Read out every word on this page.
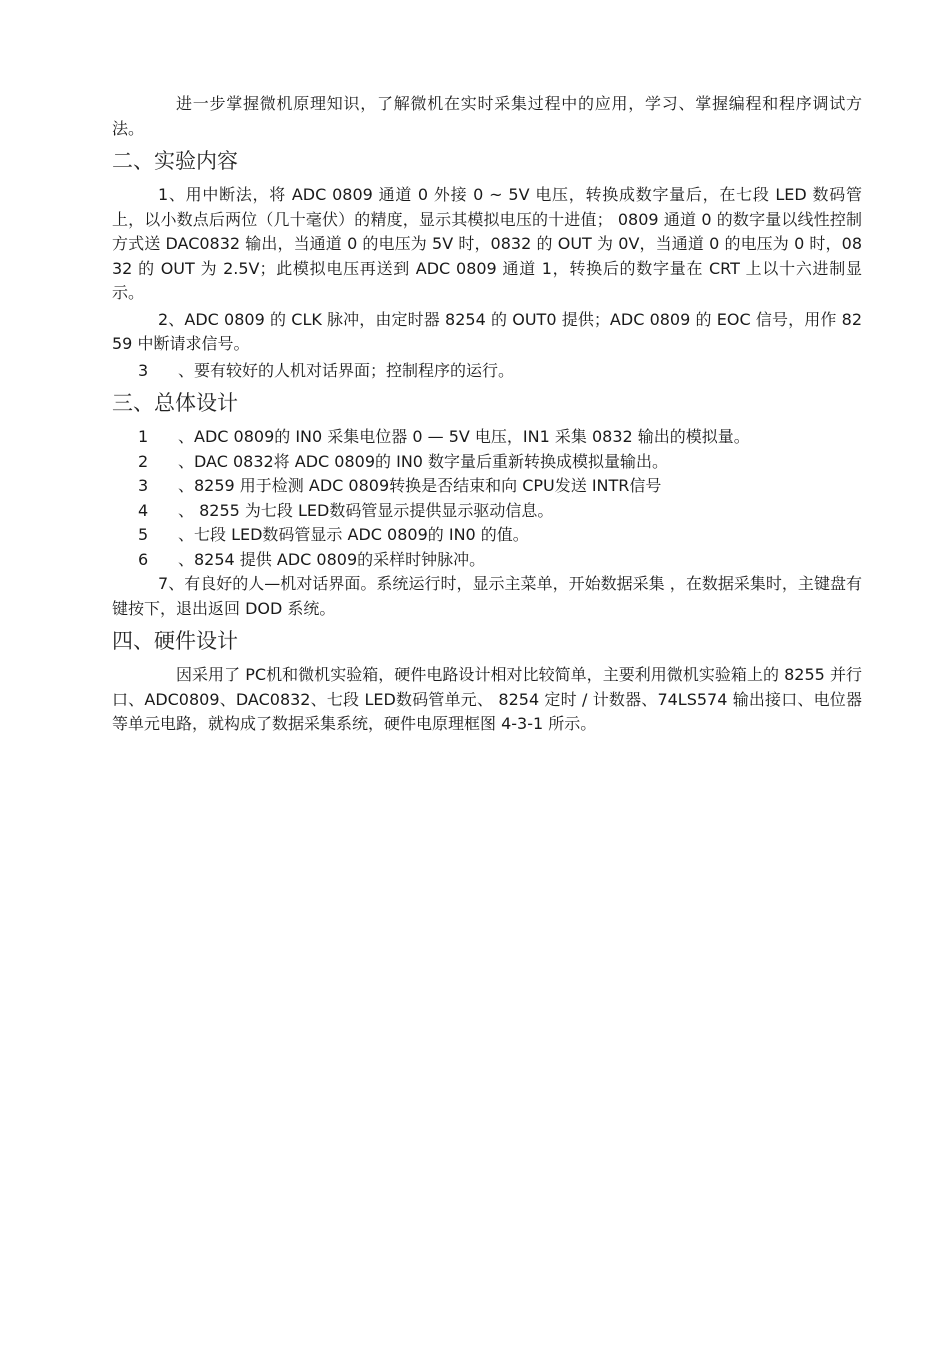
进一步掌握微机原理知识，了解微机在实时采集过程中的应用，学习、掌握编程和程序调试方法。

二、实验内容

1、用中断法，将 ADC 0809 通道 0 外接 0 ~ 5V 电压，转换成数字量后，在七段 LED 数码管上，以小数点后两位（几十毫伏）的精度，显示其模拟电压的十进值； 0809 通道 0 的数字量以线性控制方式送 DAC0832 输出，当通道 0 的电压为 5V 时，0832 的 OUT 为 0V，当通道 0 的电压为 0 时，0832 的 OUT 为 2.5V；此模拟电压再送到 ADC 0809 通道 1，转换后的数字量在 CRT 上以十六进制显示。

2、ADC 0809 的 CLK 脉冲，由定时器 8254 的 OUT0 提供；ADC 0809 的 EOC 信号，用作 8259 中断请求信号。

3 、要有较好的人机对话界面；控制程序的运行。

三、总体设计

1 、ADC 0809的 IN0 采集电位器 0 — 5V 电压，IN1 采集 0832 输出的模拟量。

2 、DAC 0832将 ADC 0809的 IN0 数字量后重新转换成模拟量输出。

3 、8259 用于检测 ADC 0809转换是否结束和向 CPU发送 INTR信号

4 、 8255 为七段 LED数码管显示提供显示驱动信息。

5 、七段 LED数码管显示 ADC 0809的 IN0 的值。

6 、8254 提供 ADC 0809的采样时钟脉冲。

7、有良好的人—机对话界面。系统运行时，显示主菜单，开始数据采集 ，在数据采集时，主键盘有键按下，退出返回 DOD 系统。

四、硬件设计

因采用了 PC机和微机实验箱，硬件电路设计相对比较简单，主要利用微机实验箱上的 8255 并行口、ADC0809、DAC0832、七段 LED数码管单元、 8254 定时 / 计数器、74LS574 输出接口、电位器等单元电路，就构成了数据采集系统，硬件电原理框图 4-3-1 所示。
